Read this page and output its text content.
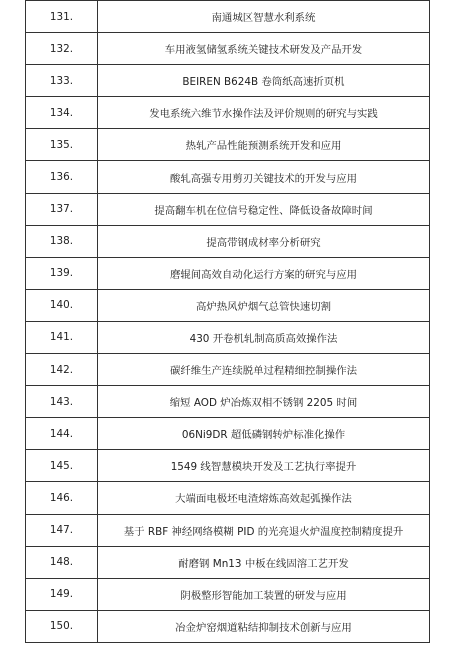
131.	南通城区智慧水利系统
132.	车用液氢储氢系统关键技术研发及产品开发
133.	BEIREN B624B 卷筒纸高速折页机
134.	发电系统六维节水操作法及评价规则的研究与实践
135.	热轧产品性能预测系统开发和应用
136.	酸轧高强专用剪刃关键技术的开发与应用
137.	提高翻车机在位信号稳定性、降低设备故障时间
138.	提高带钢成材率分析研究
139.	磨辊间高效自动化运行方案的研究与应用
140.	高炉热风炉烟气总管快速切割
141.	430 开卷机轧制高质高效操作法
142.	碳纤维生产连续脱单过程精细控制操作法
143.	缩短 AOD 炉冶炼双相不锈钢 2205 时间
144.	06Ni9DR 超低磷钢转炉标准化操作
145.	1549 线智慧模块开发及工艺执行率提升
146.	大端面电极坯电渣熔炼高效起弧操作法
147.	基于 RBF 神经网络模糊 PID 的光亮退火炉温度控制精度提升
148.	耐磨钢 Mn13 中板在线固溶工艺开发
149.	阴极整形智能加工装置的研发与应用
150.	冶金炉窑烟道粘结抑制技术创新与应用
